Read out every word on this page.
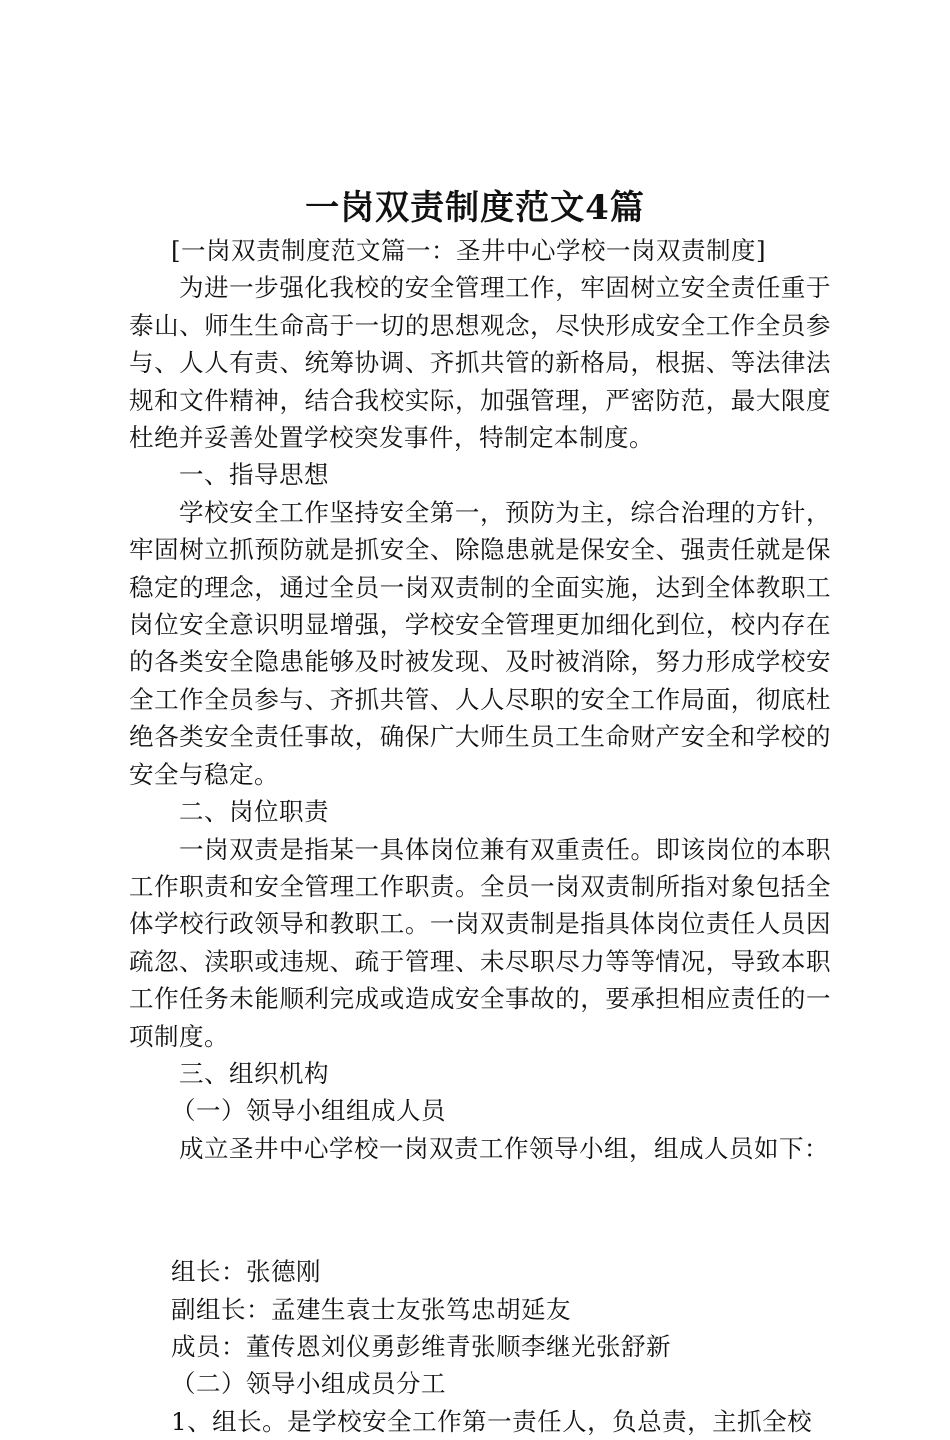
一岗双责制度范文4篇

[一岗双责制度范文篇一：圣井中心学校一岗双责制度]

为进一步强化我校的安全管理工作，牢固树立安全责任重于泰山、师生生命高于一切的思想观念，尽快形成安全工作全员参与、人人有责、统筹协调、齐抓共管的新格局，根据、等法律法规和文件精神，结合我校实际，加强管理，严密防范，最大限度杜绝并妥善处置学校突发事件，特制定本制度。

一、指导思想

学校安全工作坚持安全第一，预防为主，综合治理的方针，牢固树立抓预防就是抓安全、除隐患就是保安全、强责任就是保稳定的理念，通过全员一岗双责制的全面实施，达到全体教职工岗位安全意识明显增强，学校安全管理更加细化到位，校内存在的各类安全隐患能够及时被发现、及时被消除，努力形成学校安全工作全员参与、齐抓共管、人人尽职的安全工作局面，彻底杜绝各类安全责任事故，确保广大师生员工生命财产安全和学校的安全与稳定。

二、岗位职责

一岗双责是指某一具体岗位兼有双重责任。即该岗位的本职工作职责和安全管理工作职责。全员一岗双责制所指对象包括全体学校行政领导和教职工。一岗双责制是指具体岗位责任人员因疏忽、渎职或违规、疏于管理、未尽职尽力等等情况，导致本职工作任务未能顺利完成或造成安全事故的，要承担相应责任的一项制度。

三、组织机构

（一）领导小组组成人员

成立圣井中心学校一岗双责工作领导小组，组成人员如下：

组长：张德刚

副组长：孟建生袁士友张笃忠胡延友

成员：董传恩刘仪勇彭维青张顺李继光张舒新

（二）领导小组成员分工

1、组长。是学校安全工作第一责任人，负总责，主抓全校
